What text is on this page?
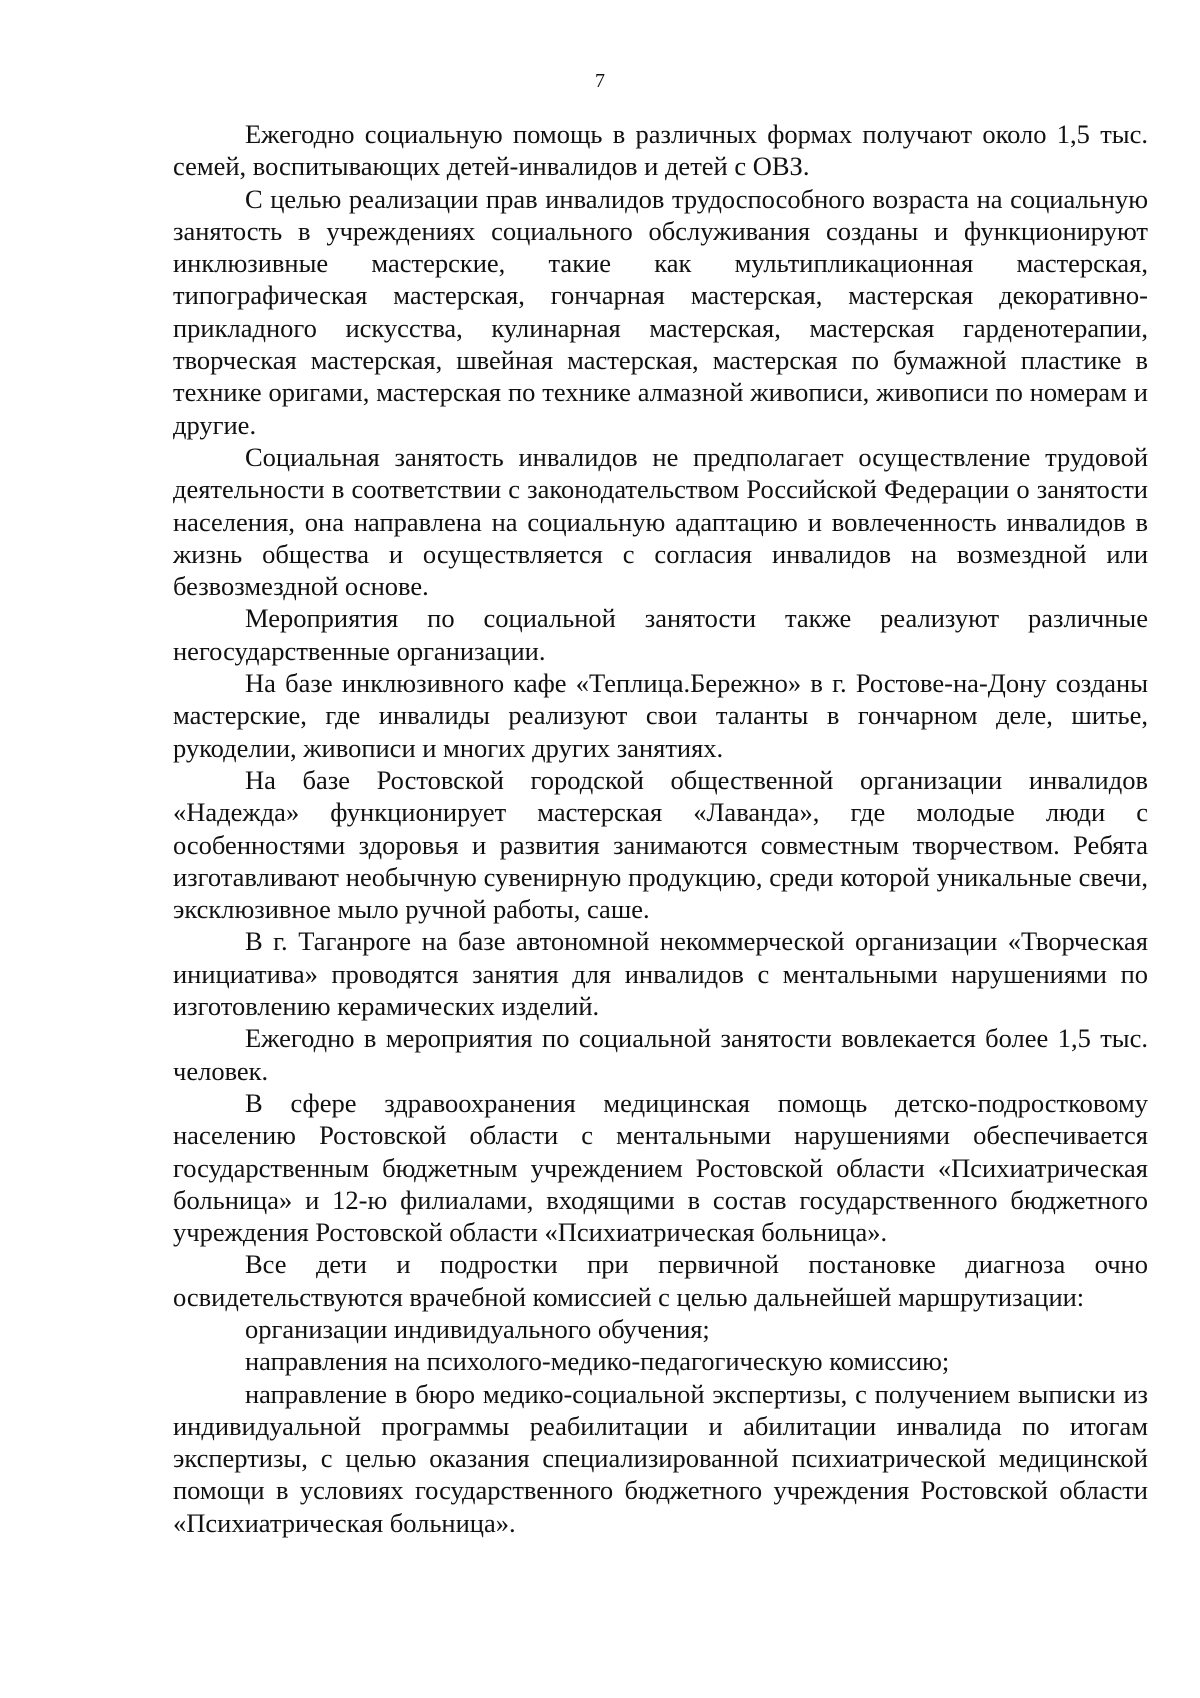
7

Ежегодно социальную помощь в различных формах получают около 1,5 тыс. семей, воспитывающих детей-инвалидов и детей с ОВЗ.

С целью реализации прав инвалидов трудоспособного возраста на социальную занятость в учреждениях социального обслуживания созданы и функционируют инклюзивные мастерские, такие как мультипликационная мастерская, типографическая мастерская, гончарная мастерская, мастерская декоративно-прикладного искусства, кулинарная мастерская, мастерская гарденотерапии, творческая мастерская, швейная мастерская, мастерская по бумажной пластике в технике оригами, мастерская по технике алмазной живописи, живописи по номерам и другие.

Социальная занятость инвалидов не предполагает осуществление трудовой деятельности в соответствии с законодательством Российской Федерации о занятости населения, она направлена на социальную адаптацию и вовлеченность инвалидов в жизнь общества и осуществляется с согласия инвалидов на возмездной или безвозмездной основе.

Мероприятия по социальной занятости также реализуют различные негосударственные организации.

На базе инклюзивного кафе «Теплица.Бережно» в г. Ростове-на-Дону созданы мастерские, где инвалиды реализуют свои таланты в гончарном деле, шитье, рукоделии, живописи и многих других занятиях.

На базе Ростовской городской общественной организации инвалидов «Надежда» функционирует мастерская «Лаванда», где молодые люди с особенностями здоровья и развития занимаются совместным творчеством. Ребята изготавливают необычную сувенирную продукцию, среди которой уникальные свечи, эксклюзивное мыло ручной работы, саше.

В г. Таганроге на базе автономной некоммерческой организации «Творческая инициатива» проводятся занятия для инвалидов с ментальными нарушениями по изготовлению керамических изделий.

Ежегодно в мероприятия по социальной занятости вовлекается более 1,5 тыс. человек.

В сфере здравоохранения медицинская помощь детско-подростковому населению Ростовской области с ментальными нарушениями обеспечивается государственным бюджетным учреждением Ростовской области «Психиатрическая больница» и 12-ю филиалами, входящими в состав государственного бюджетного учреждения Ростовской области «Психиатрическая больница».

Все дети и подростки при первичной постановке диагноза очно освидетельствуются врачебной комиссией с целью дальнейшей маршрутизации:

организации индивидуального обучения;

направления на психолого-медико-педагогическую комиссию;

направление в бюро медико-социальной экспертизы, с получением выписки из индивидуальной программы реабилитации и абилитации инвалида по итогам экспертизы, с целью оказания специализированной психиатрической медицинской помощи в условиях государственного бюджетного учреждения Ростовской области «Психиатрическая больница».
